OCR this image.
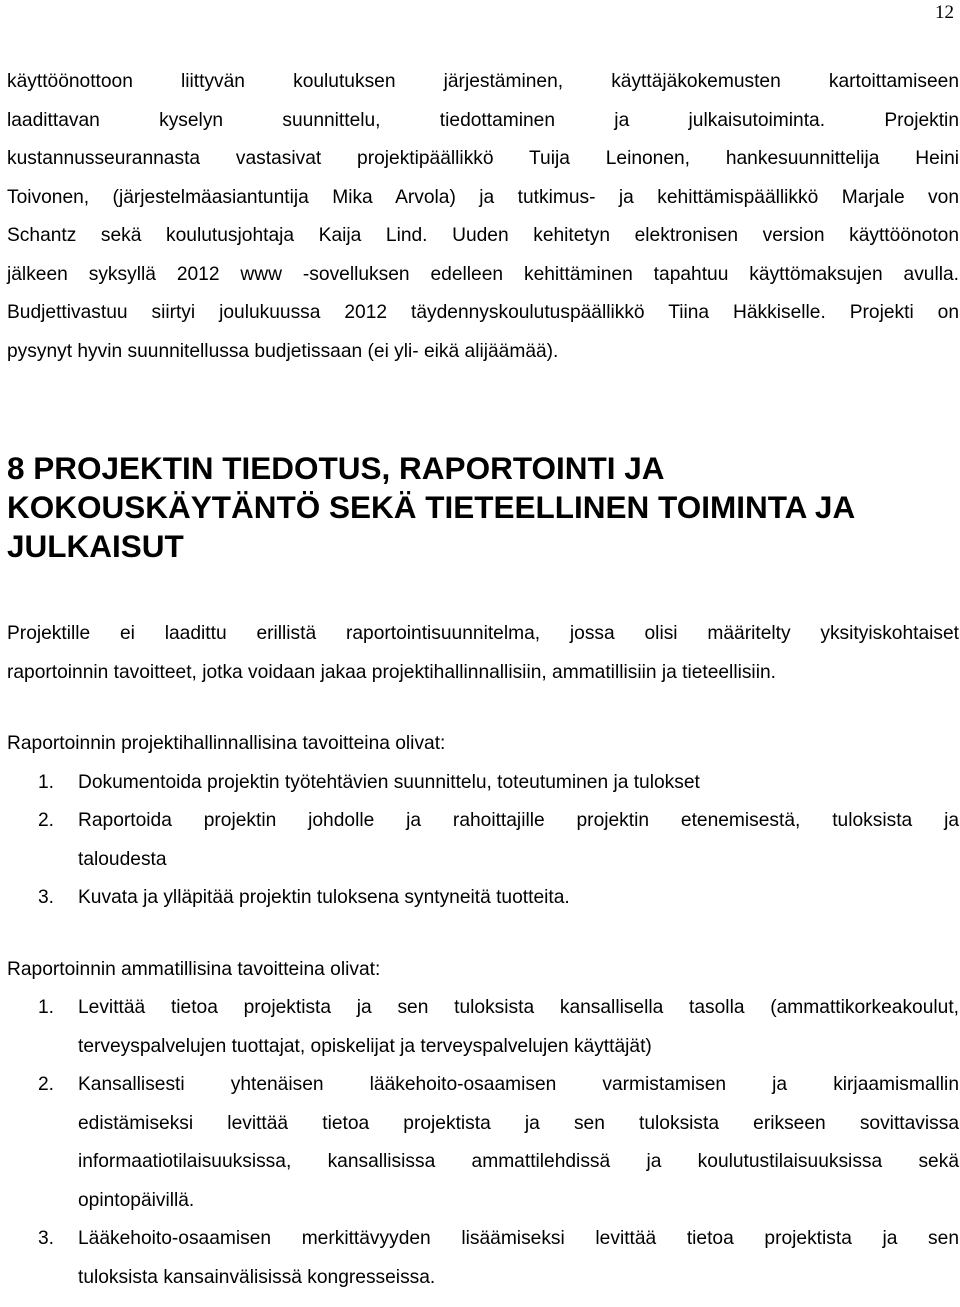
12
käyttöönottoon liittyvän koulutuksen järjestäminen, käyttäjäkokemusten kartoittamiseen
laadittavan kyselyn suunnittelu, tiedottaminen ja julkaisutoiminta. Projektin
kustannusseurannasta vastasivat projektipäällikkö Tuija Leinonen, hankesuunnittelija Heini
Toivonen, (järjestelmäasiantuntija Mika Arvola) ja tutkimus- ja kehittämispäällikkö Marjale von
Schantz sekä koulutusjohtaja Kaija Lind. Uuden kehitetyn elektronisen version käyttöönoton
jälkeen syksyllä 2012 www -sovelluksen edelleen kehittäminen tapahtuu käyttömaksujen avulla.
Budjettivastuu siirtyi joulukuussa 2012 täydennyskoulutuspäällikkö Tiina Häkkiselle. Projekti on
pysynyt hyvin suunnitellussa budjetissaan (ei yli- eikä alijäämää).
8 PROJEKTIN TIEDOTUS, RAPORTOINTI JA
KOKOUSKÄYTÄNTÖ SEKÄ TIETEELLINEN TOIMINTA JA
JULKAISUT
Projektille ei laadittu erillistä raportointisuunnitelma, jossa olisi määritelty yksityiskohtaiset
raportoinnin tavoitteet, jotka voidaan jakaa projektihallinnallisiin, ammatillisiin ja tieteellisiin.

Raportoinnin projektihallinnallisina tavoitteina olivat:

1. Dokumentoida projektin työtehtävien suunnittelu, toteutuminen ja tulokset
2. Raportoida projektin johdolle ja rahoittajille projektin etenemisestä, tuloksista ja
taloudesta
3. Kuvata ja ylläpitää projektin tuloksena syntyneitä tuotteita.

Raportoinnin ammatillisina tavoitteina olivat:

1. Levittää tietoa projektista ja sen tuloksista kansallisella tasolla (ammattikorkeakoulut,
terveyspalvelujen tuottajat, opiskelijat ja terveyspalvelujen käyttäjät)
2. Kansallisesti yhtenäisen lääkehoito-osaamisen varmistamisen ja kirjaamismallin
edistämiseksi levittää tietoa projektista ja sen tuloksista erikseen sovittavissa
informaatiotilaisuuksissa, kansallisissa ammattilehdissä ja koulutustilaisuuksissa sekä
opintopäivillä.
3. Lääkehoito-osaamisen merkittävyyden lisäämiseksi levittää tietoa projektista ja sen
tuloksista kansainvälisissä kongresseissa.
